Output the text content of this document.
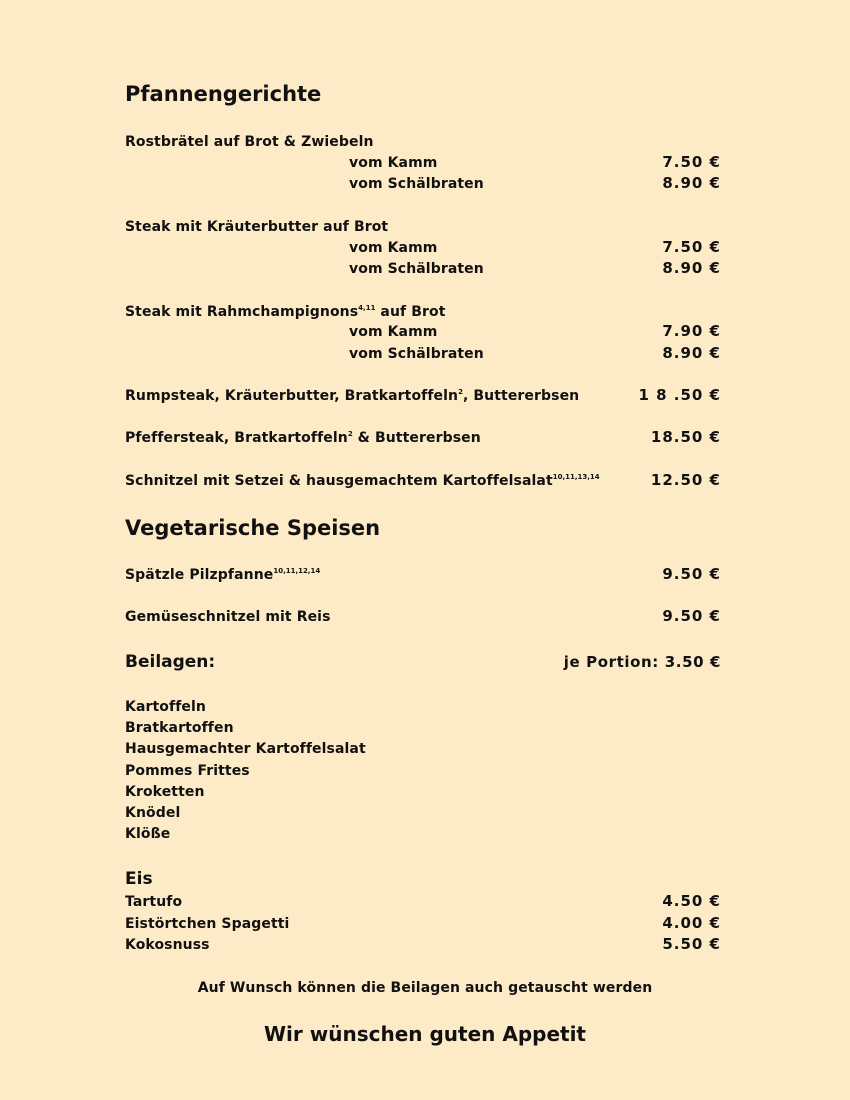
Pfannengerichte
Rostbrätel auf Brot & Zwiebeln
vom Kamm	7.50 €
vom Schälbraten	8.90 €
Steak mit Kräuterbutter auf Brot
vom Kamm	7.50 €
vom Schälbraten	8.90 €
Steak mit Rahmchampignons$^{4,11}$ auf Brot
vom Kamm	7.90 €
vom Schälbraten	8.90 €
Rumpsteak, Kräuterbutter, Bratkartoffeln$^2$, Buttererbsen	1 8 .50 €
Pfeffersteak, Bratkartoffeln$^2$ & Buttererbsen	18.50 €
Schnitzel mit Setzei & hausgemachtem Kartoffelsalat$^{10,11,13,14}$	12.50 €
Vegetarische Speisen
Spätzle Pilzpfanne$^{10,11,12,14}$	9.50 €
Gemüseschnitzel mit Reis	9.50 €
Beilagen:	je Portion: 3.50 €
Kartoffeln
Bratkartoffen
Hausgemachter Kartoffelsalat
Pommes Frittes
Kroketten
Knödel
Klöße
Eis
Tartufo	4.50 €
Eistörtchen Spagetti	4.00 €
Kokosnuss	5.50 €
Auf Wunsch können die Beilagen auch getauscht werden
Wir wünschen guten Appetit
